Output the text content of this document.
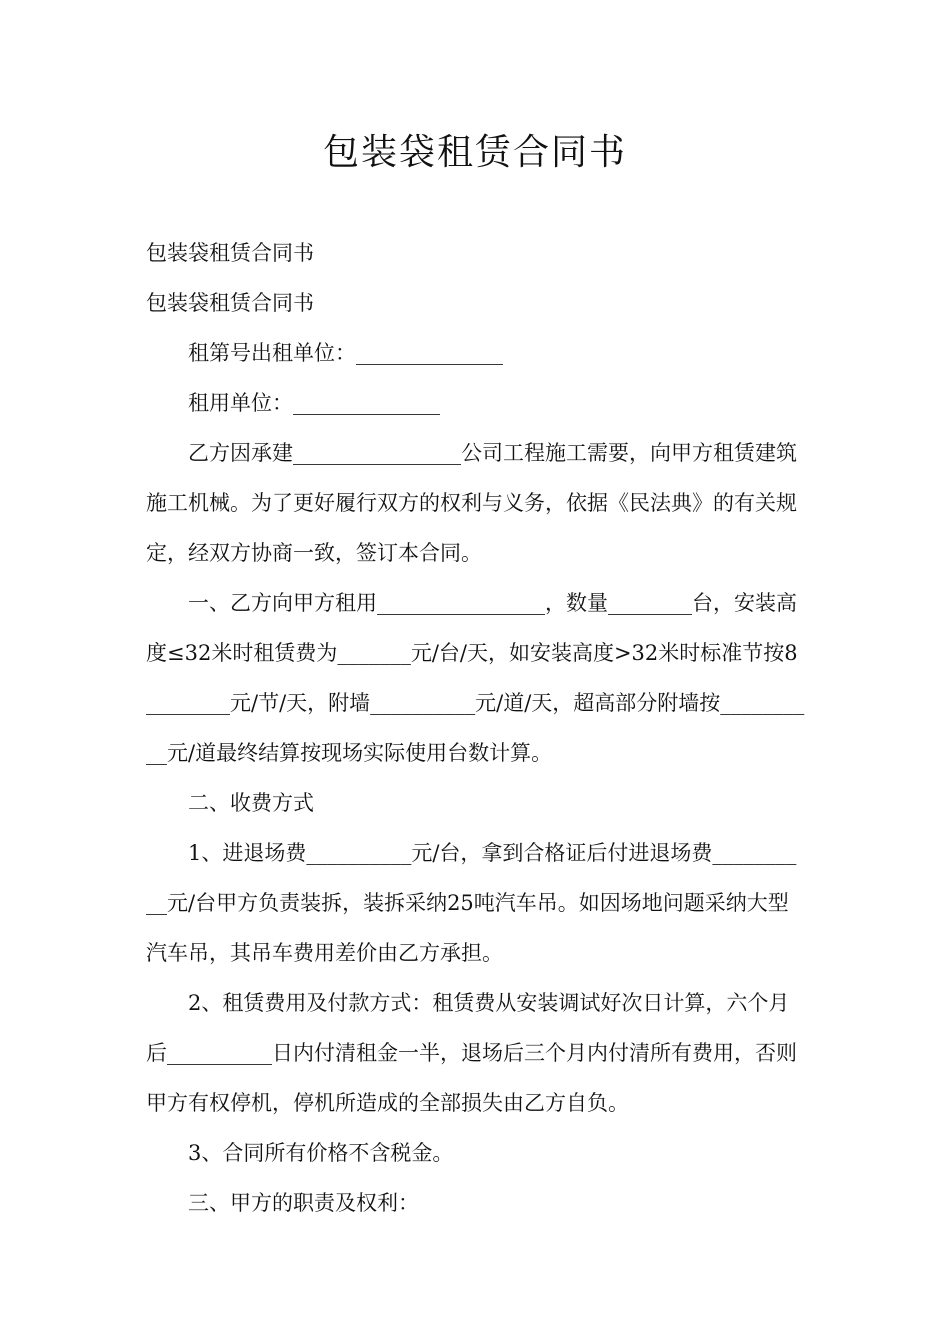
包装袋租赁合同书

包装袋租赁合同书

包装袋租赁合同书

租第号出租单位：______________

租用单位：______________

乙方因承建________________公司工程施工需要，向甲方租赁建筑施工机械。为了更好履行双方的权利与义务，依据《民法典》的有关规定，经双方协商一致，签订本合同。

一、乙方向甲方租用________________，数量________台，安装高度≤32米时租赁费为_______元/台/天，如安装高度>32米时标准节按8________元/节/天，附墙__________元/道/天，超高部分附墙按__________元/道最终结算按现场实际使用台数计算。

二、收费方式

1、进退场费__________元/台，拿到合格证后付进退场费__________元/台甲方负责装拆，装拆采纳25吨汽车吊。如因场地问题采纳大型汽车吊，其吊车费用差价由乙方承担。

2、租赁费用及付款方式：租赁费从安装调试好次日计算，六个月后__________日内付清租金一半，退场后三个月内付清所有费用，否则甲方有权停机，停机所造成的全部损失由乙方自负。

3、合同所有价格不含税金。

三、甲方的职责及权利：
